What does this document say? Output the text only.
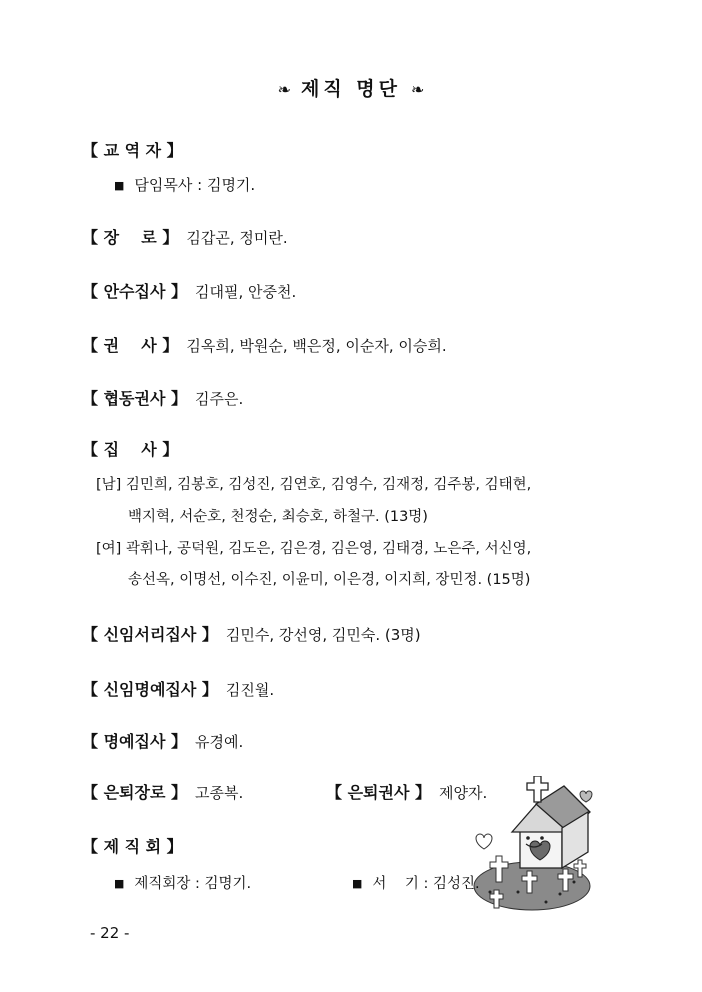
❧ 제직 명단 ❧
【 교 역 자 】
■ 담임목사 : 김명기.
【 장    로 】 김갑곤, 정미란.
【 안수집사 】 김대필, 안중천.
【 권    사 】 김옥희, 박원순, 백은정, 이순자, 이승희.
【 협동권사 】 김주은.
【 집    사 】
[남] 김민희, 김봉호, 김성진, 김연호, 김영수, 김재정, 김주봉, 김태현,
백지혁, 서순호, 천정순, 최승호, 하철구. (13명)
[여] 곽휘나, 공덕원, 김도은, 김은경, 김은영, 김태경, 노은주, 서신영,
송선옥, 이명선, 이수진, 이윤미, 이은경, 이지희, 장민정. (15명)
【 신임서리집사 】 김민수, 강선영, 김민숙. (3명)
【 신임명예집사 】 김진월.
【 명예집사 】 유경예.
【 은퇴장로 】 고종복.	【 은퇴권사 】 제양자.
【 제 직 회 】
■ 제직회장 : 김명기.	■ 서    기 : 김성진.
- 22 -
